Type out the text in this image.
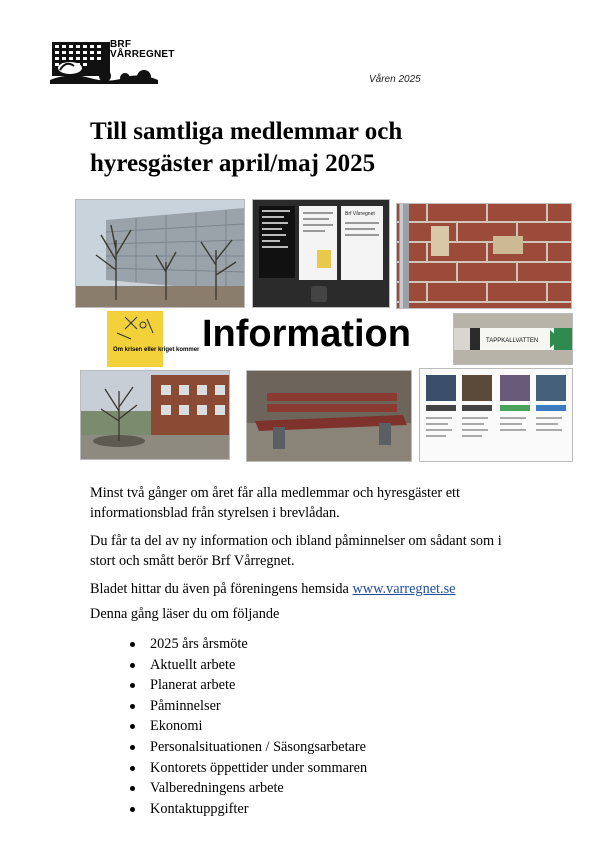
BRF
VÅRREGNET
Våren 2025
Till samtliga medlemmar och
hyresgäster april/maj 2025
Brf Vårregnet
Om krisen eller kriget kommer Information	TAPPKALLVATTEN
Minst två gånger om året får alla medlemmar och hyresgäster ett informationsblad från styrelsen i brevlådan.
Du får ta del av ny information och ibland påminnelser om sådant som i stort och smått berör Brf Vårregnet.
Bladet hittar du även på föreningens hemsida www.varregnet.se
Denna gång läser du om följande
2025 års årsmöte
Aktuellt arbete
Planerat arbete
Påminnelser
Ekonomi
Personalsituationen / Säsongsarbetare
Kontorets öppettider under sommaren
Valberedningens arbete
Kontaktuppgifter
